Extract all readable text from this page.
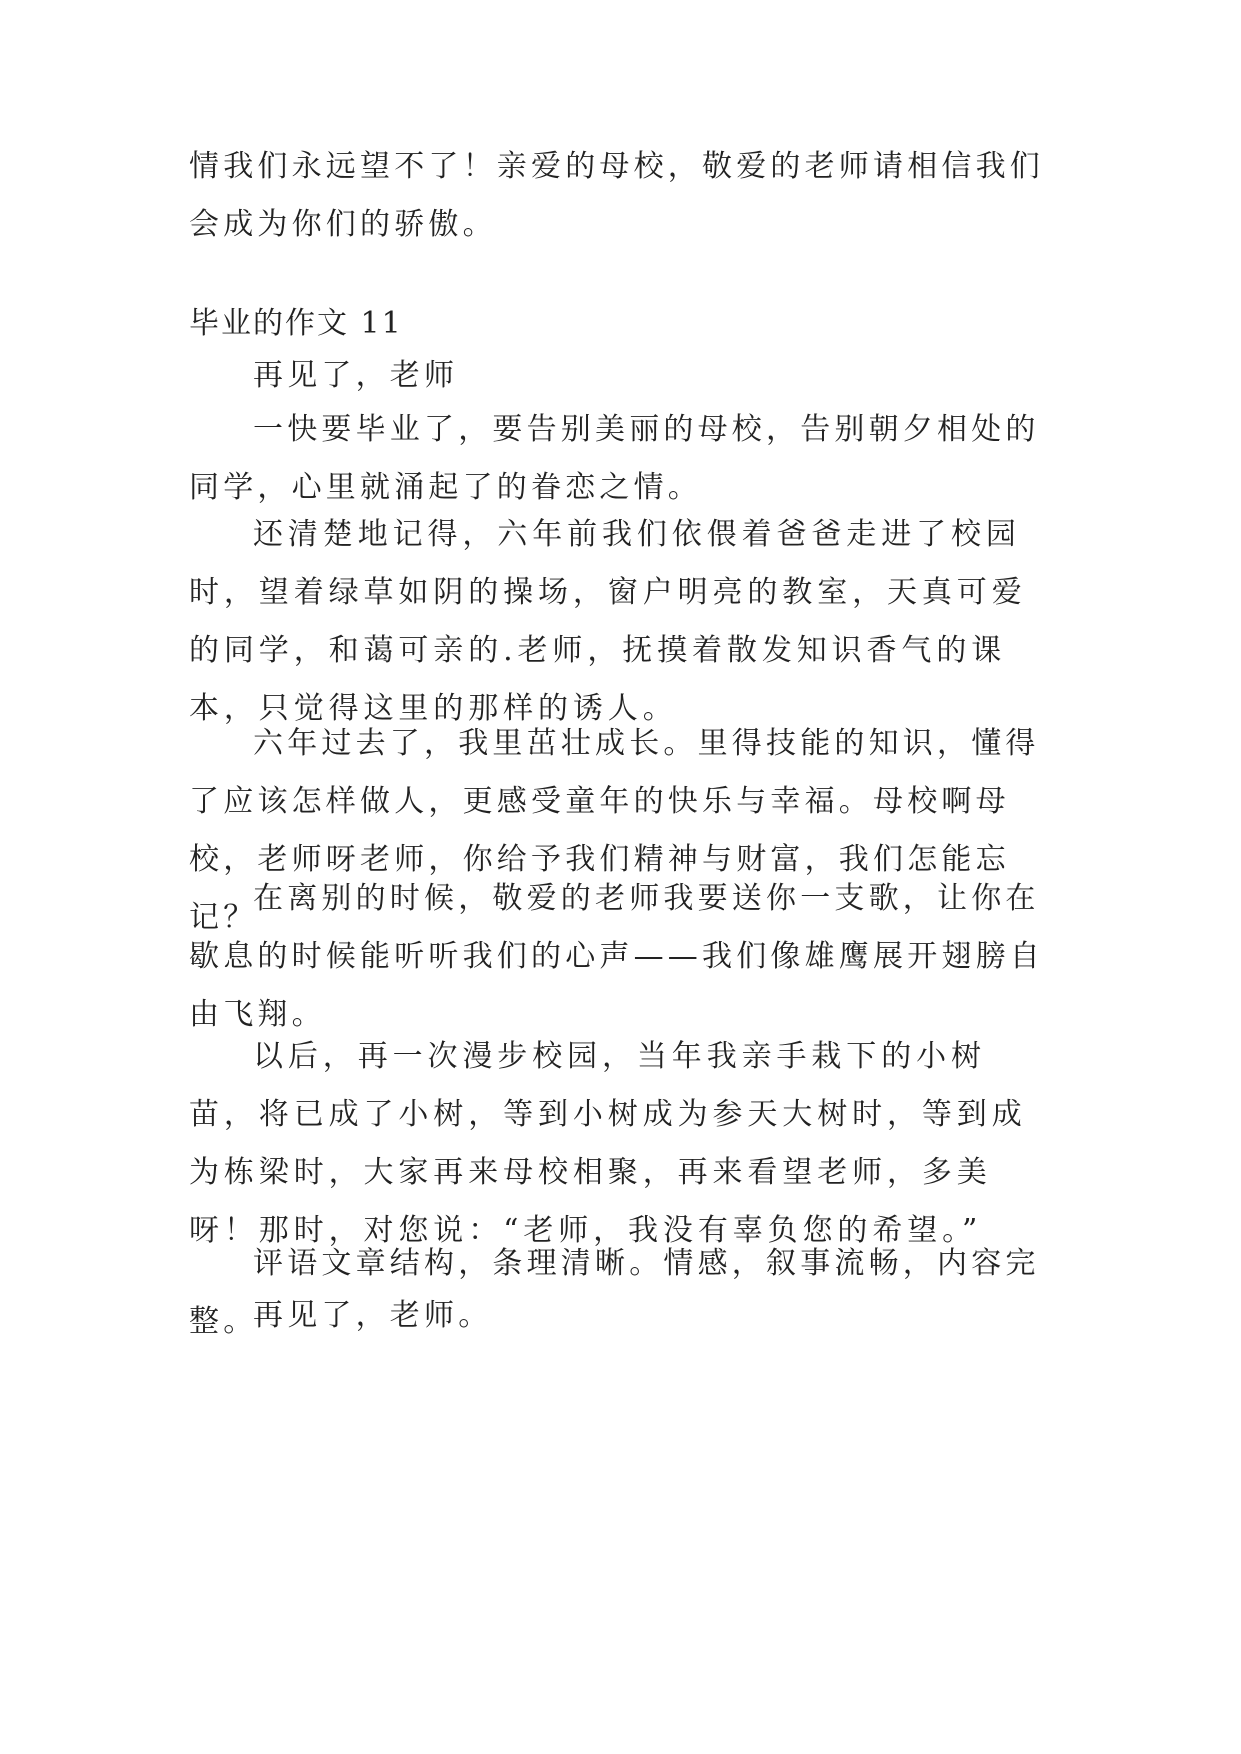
情我们永远望不了！亲爱的母校，敬爱的老师请相信我们会成为你们的骄傲。

毕业的作文 11

再见了，老师

一快要毕业了，要告别美丽的母校，告别朝夕相处的同学，心里就涌起了的眷恋之情。

还清楚地记得，六年前我们依偎着爸爸走进了校园时，望着绿草如阴的操场，窗户明亮的教室，天真可爱的同学，和蔼可亲的.老师，抚摸着散发知识香气的课本，只觉得这里的那样的诱人。

六年过去了，我里茁壮成长。里得技能的知识，懂得了应该怎样做人，更感受童年的快乐与幸福。母校啊母校，老师呀老师，你给予我们精神与财富，我们怎能忘记？

在离别的时候，敬爱的老师我要送你一支歌，让你在歇息的时候能听听我们的心声——我们像雄鹰展开翅膀自由飞翔。

以后，再一次漫步校园，当年我亲手栽下的小树苗，将已成了小树，等到小树成为参天大树时，等到成为栋梁时，大家再来母校相聚，再来看望老师，多美呀！那时，对您说：“老师，我没有辜负您的希望。”

评语文章结构，条理清晰。情感，叙事流畅，内容完整。

再见了，老师。
